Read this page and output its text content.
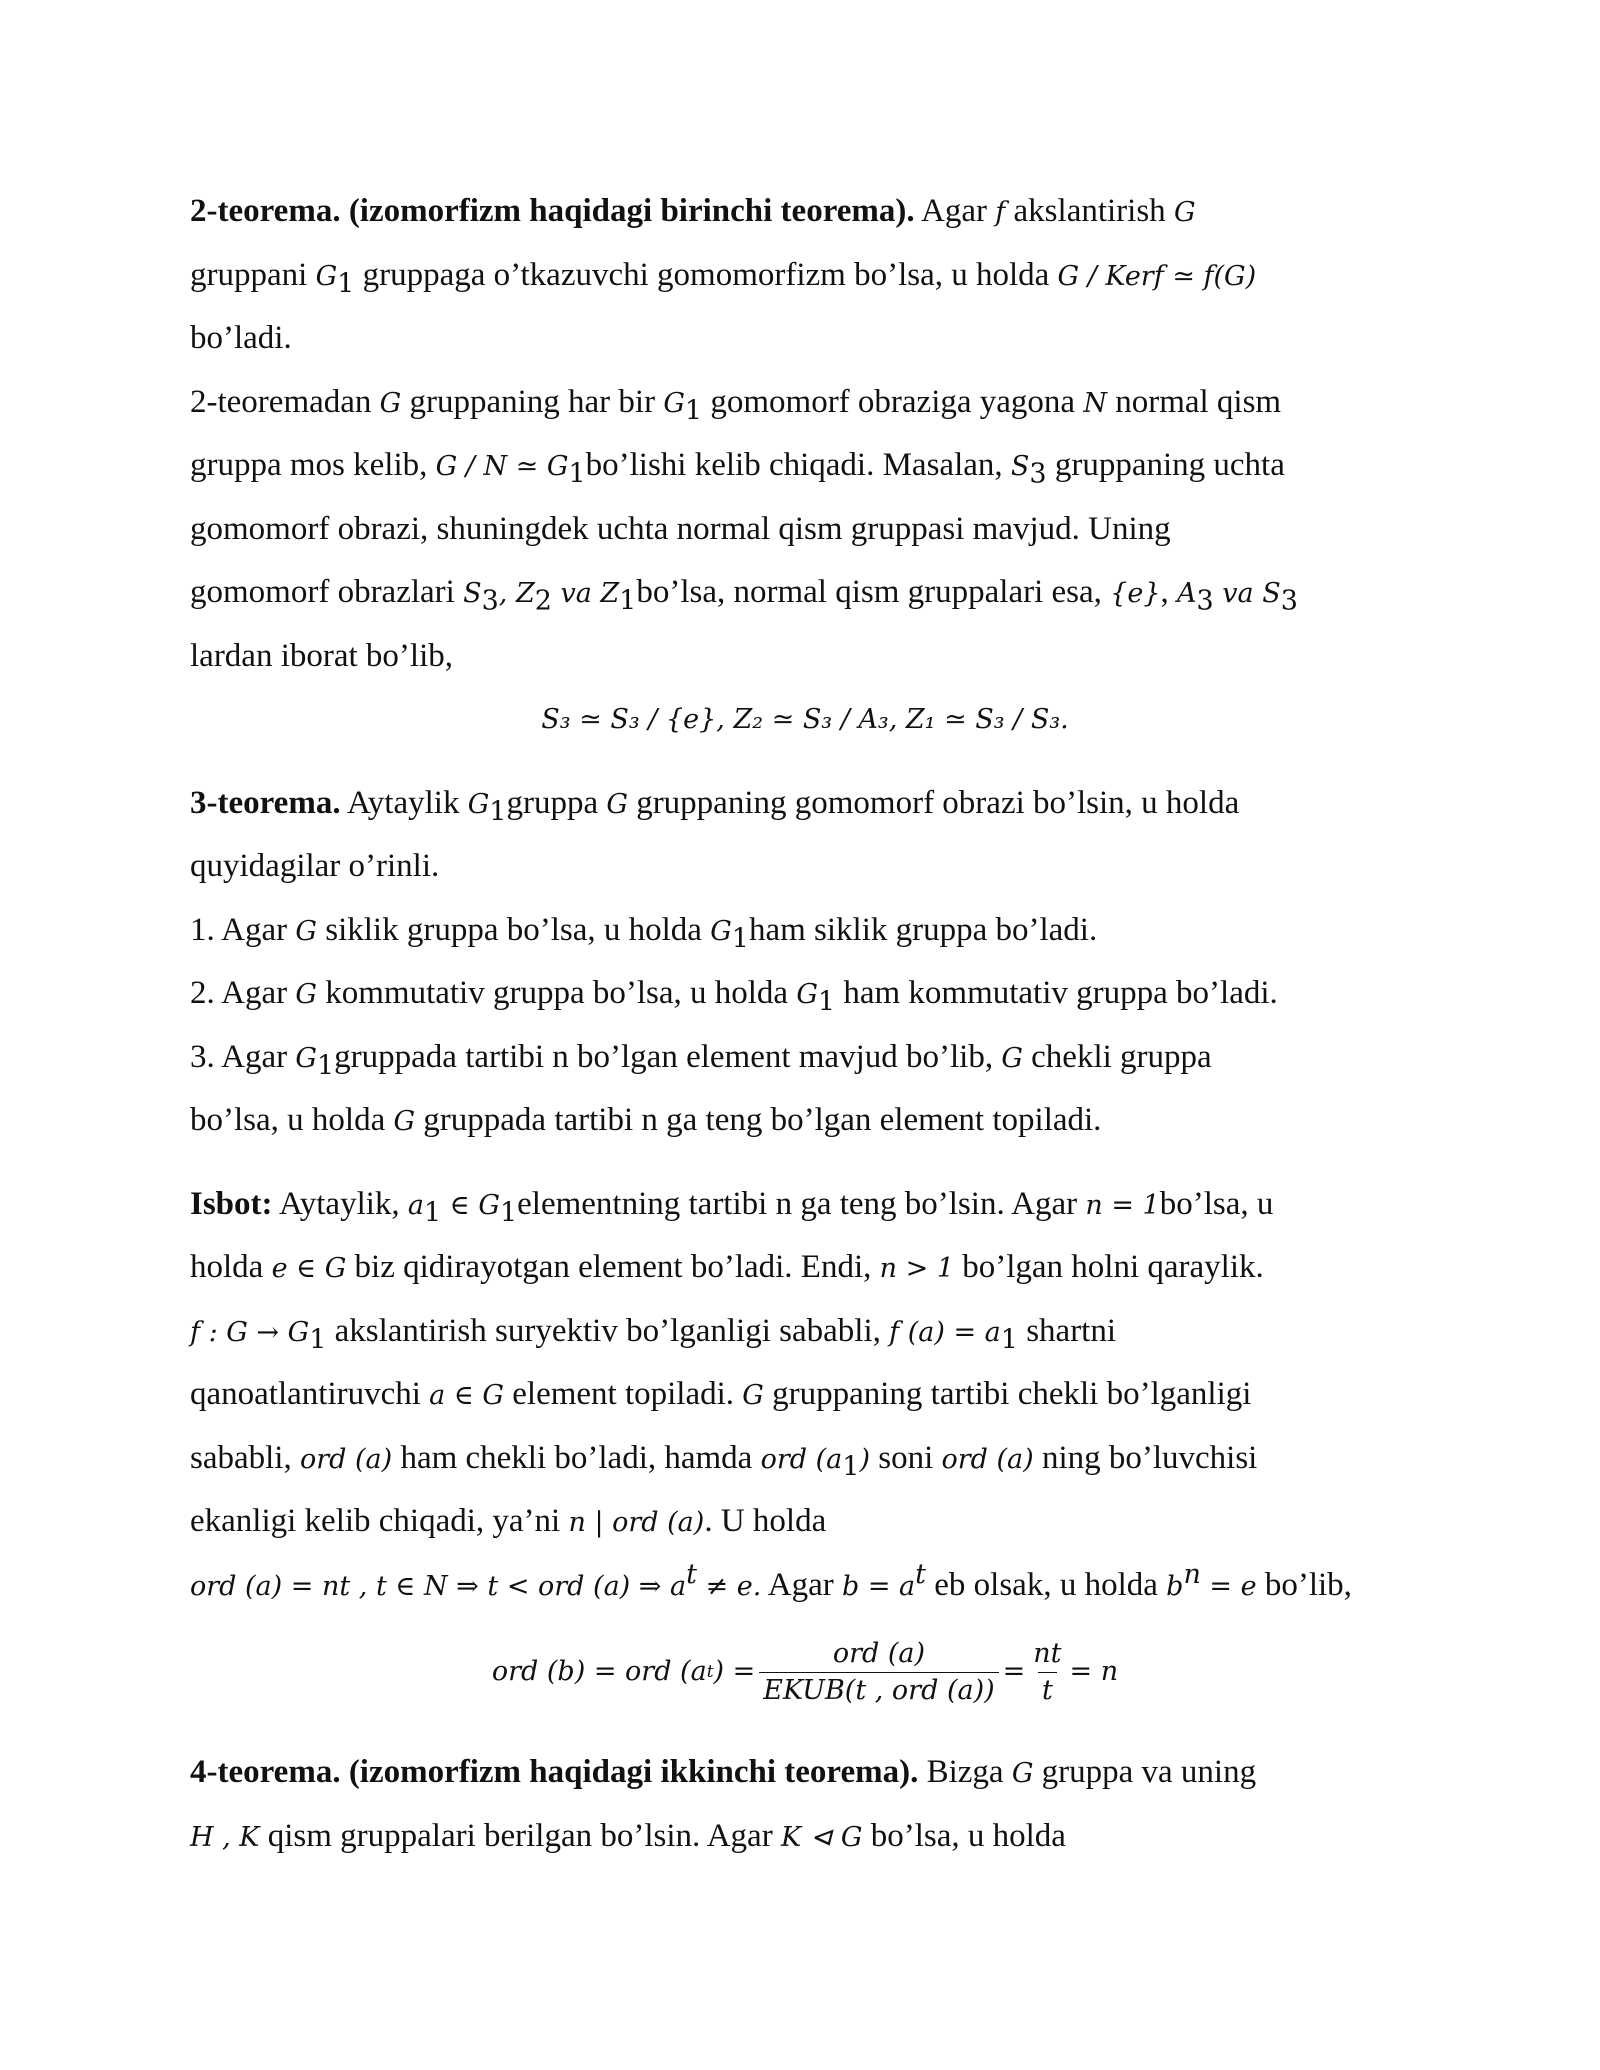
2-teorema. (izomorfizm haqidagi birinchi teorema). Agar f akslantirish G
gruppani $G_1$ gruppaga o’tkazuvchi gomomorfizm bo’lsa, u holda G / Kerf ≃ f(G)
bo’ladi.
2-teoremadan G gruppaning har bir $G_1$ gomomorf obraziga yagona N normal qism
gruppa mos kelib, G / N ≃ $G_1bo’lishi$ kelib chiqadi. Masalan, $S_3$ gruppaning uchta
gomomorf obrazi, shuningdek uchta normal qism gruppasi mavjud. Uning
gomomorf obrazlari $S_3$, $Z_2$ va $Z_1bo’lsa$, normal qism gruppalari esa, {e}, $A_3$ va $S_3$
lardan iborat bo’lib,
S₃ ≃ S₃ / {e}, Z₂ ≃ S₃ / A₃, Z₁ ≃ S₃ / S₃.
3-teorema. Aytaylik $G_1gruppa$ G gruppaning gomomorf obrazi bo’lsin, u holda
quyidagilar o’rinli.
1. Agar G siklik gruppa bo’lsa, u holda $G_1ham$ siklik gruppa bo’ladi.
2. Agar G kommutativ gruppa bo’lsa, u holda $G_1$ ham kommutativ gruppa bo’ladi.
3. Agar $G_1gruppada$ tartibi n bo’lgan element mavjud bo’lib, G chekli gruppa
bo’lsa, u holda G gruppada tartibi n ga teng bo’lgan element topiladi.
Isbot: Aytaylik, $a_1$ ∈ $G_1elementning$ tartibi n ga teng bo’lsin. Agar n = 1bo’lsa, u
holda e ∈ G biz qidirayotgan element bo’ladi. Endi, n > 1 bo’lgan holni qaraylik.
f : $G \to G_1$ akslantirish suryektiv bo’lganligi sababli, f $(a) = a_1$ shartni
qanoatlantiruvchi a ∈ G element topiladi. G gruppaning tartibi chekli bo’lganligi
sababli, ord (a) ham chekli bo’ladi, hamda ord $(a_1)$ soni ord (a) ning bo’luvchisi
ekanligi kelib chiqadi, ya’ni n | ord (a). U holda
ord (a) = nt , t ∈ N ⇒ t < ord (a) ⇒ $a^t \ne e$. Agar $b = a^t$ eb olsak, u holda $b^n = e$ bo’lib,
ord (b) = ord (a t ) = $\frac{\text{ord (a)}}{\text{EKUB(t , ord (a))}} = \frac{nt}{t} = n$
4-teorema. (izomorfizm haqidagi ikkinchi teorema). Bizga G gruppa va uning
H , K qism gruppalari berilgan bo’lsin. Agar K ⊲ G bo’lsa, u holda
